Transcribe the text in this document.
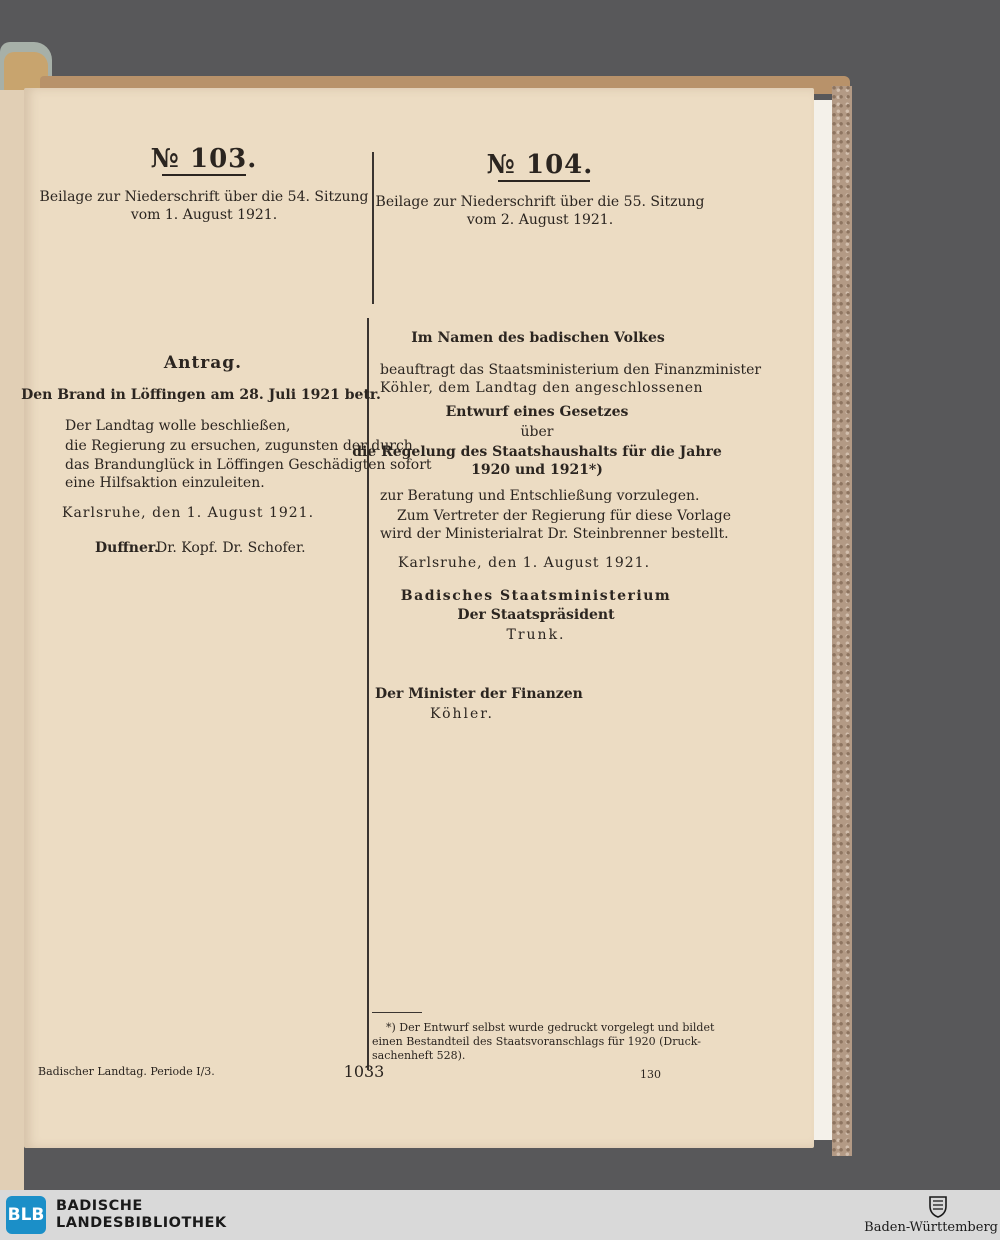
№ 103.
Beilage zur Niederschrift über die 54. Sitzung
vom 1. August 1921.
Antrag.
Den Brand in Löffingen am 28. Juli 1921 betr.
Der Landtag wolle beschließen,
die Regierung zu ersuchen, zugunsten der durch
das Brandunglück in Löffingen Geschädigten sofort
eine Hilfsaktion einzuleiten.
Karlsruhe, den 1. August 1921.
Duffner.
Dr. Kopf. Dr. Schofer.
№ 104.
Beilage zur Niederschrift über die 55. Sitzung
vom 2. August 1921.
Im Namen des badischen Volkes
beauftragt das Staatsministerium den Finanzminister
Köhler, dem Landtag den angeschlossenen
Entwurf eines Gesetzes
über
die Regelung des Staatshaushalts für die Jahre
1920 und 1921*)
zur Beratung und Entschließung vorzulegen.
Zum Vertreter der Regierung für diese Vorlage
wird der Ministerialrat Dr. Steinbrenner bestellt.
Karlsruhe, den 1. August 1921.
Badisches Staatsministerium
Der Staatspräsident
Trunk.
Der Minister der Finanzen
Köhler.
*) Der Entwurf selbst wurde gedruckt vorgelegt und bildet
einen Bestandteil des Staatsvoranschlags für 1920 (Druck-
sachenheft 528).
Badischer Landtag. Periode I/3.	1033	130
BLB BADISCHE
LANDESBIBLIOTHEK	Baden-Württemberg
